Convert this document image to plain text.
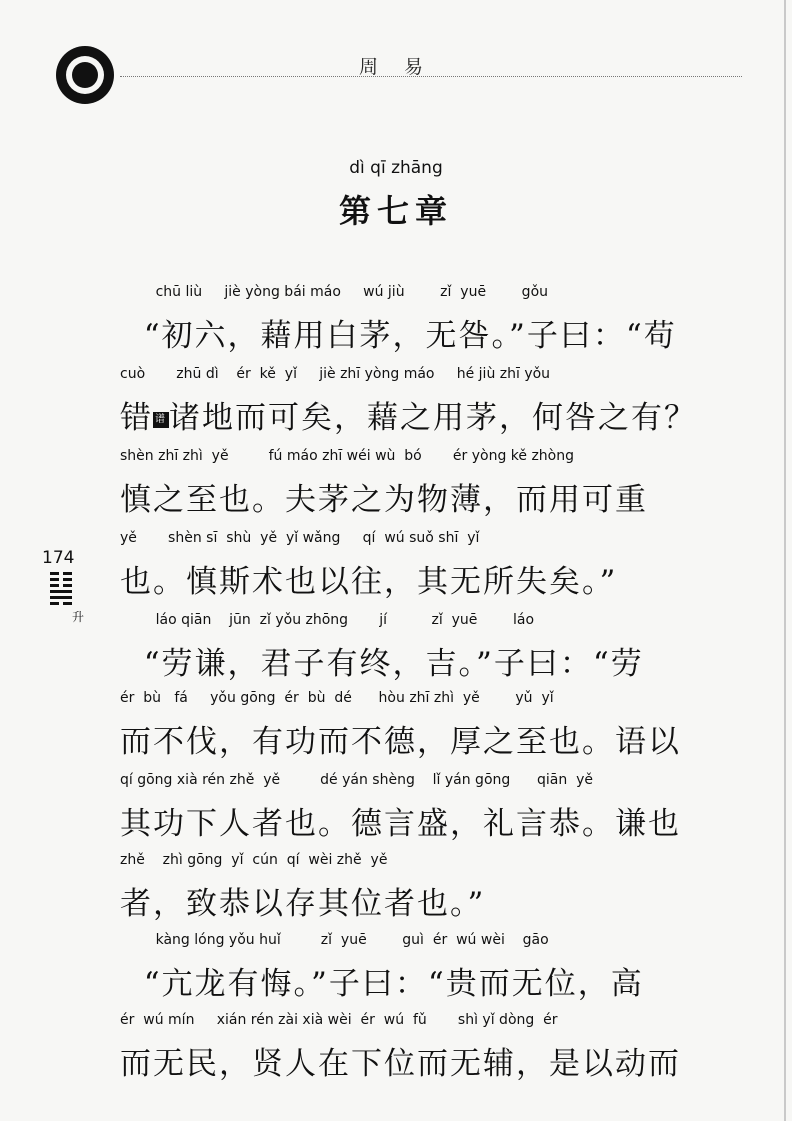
周 易
dì qī zhāng
第七章
174
升
chū liù     jiè yòng bái máo     wú jiù        zǐ  yuē        gǒu
“初六，藉用白茅，无咎。”子曰：“苟
cuò       zhū dì    ér  kě  yǐ     jiè zhī yòng máo     hé jiù zhī yǒu
错 谱诸地而可矣，藉之用茅，何咎之有？
shèn zhī zhì  yě         fú máo zhī wéi wù  bó       ér yòng kě zhòng
慎之至也。夫茅之为物薄，而用可重
yě       shèn sī  shù  yě  yǐ wǎng     qí  wú suǒ shī  yǐ
也。慎斯术也以往，其无所失矣。”
láo qiān    jūn  zǐ yǒu zhōng       jí          zǐ  yuē        láo
“劳谦，君子有终，吉。”子曰：“劳
ér  bù   fá     yǒu gōng  ér  bù  dé      hòu zhī zhì  yě        yǔ  yǐ
而不伐，有功而不德，厚之至也。语以
qí gōng xià rén zhě  yě         dé yán shèng    lǐ yán gōng      qiān  yě
其功下人者也。德言盛，礼言恭。谦也
zhě    zhì gōng  yǐ  cún  qí  wèi zhě  yě
者，致恭以存其位者也。”
kàng lóng yǒu huǐ         zǐ  yuē        guì  ér  wú wèi    gāo
“亢龙有悔。”子曰：“贵而无位，高
ér  wú mín     xián rén zài xià wèi  ér  wú  fǔ       shì yǐ dòng  ér
而无民，贤人在下位而无辅，是以动而
